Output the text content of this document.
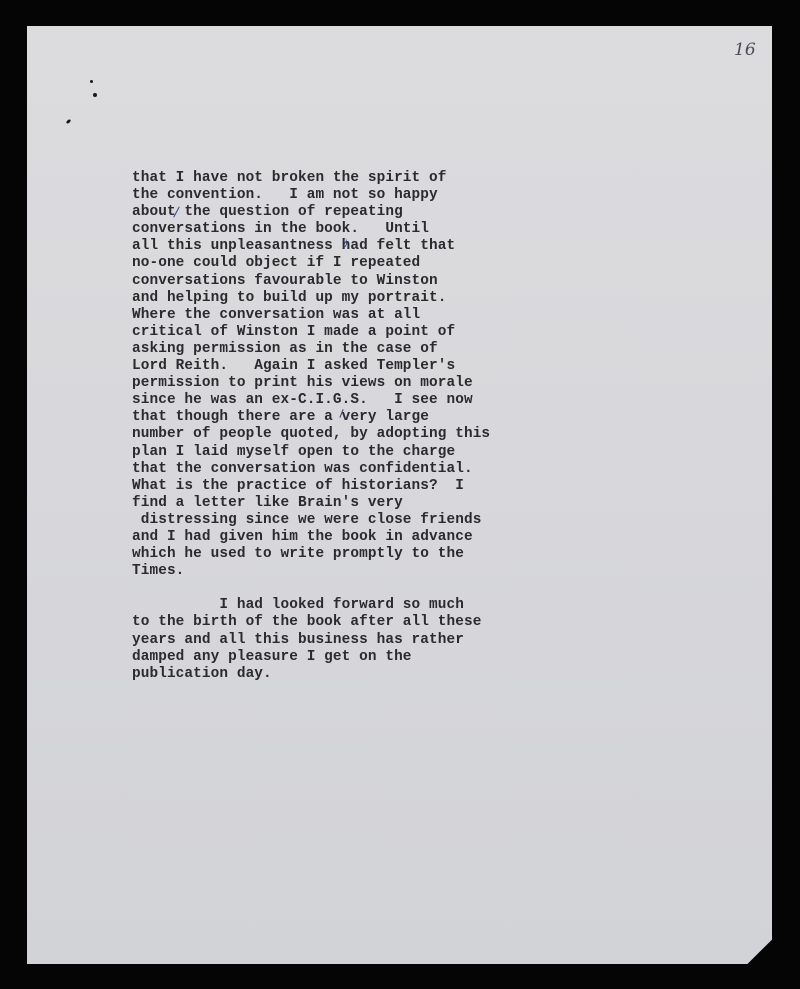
16

that I have not broken the spirit of
the convention.   I am not so happy
about the question of repeating
conversations in the book.   Until
all this unpleasantness had felt that
no-one could object if I repeated
conversations favourable to Winston
and helping to build up my portrait.
Where the conversation was at all
critical of Winston I made a point of
asking permission as in the case of
Lord Reith.   Again I asked Templer's
permission to print his views on morale
since he was an ex-C.I.G.S.   I see now
that though there are a very large
number of people quoted, by adopting this
plan I laid myself open to the charge
that the conversation was confidential.
What is the practice of historians?  I
find a letter like Brain's very
distressing since we were close friends
and I had given him the book in advance
which he used to write promptly to the
Times.

I had looked forward so much
to the birth of the book after all these
years and all this business has rather
damped any pleasure I get on the
publication day.
